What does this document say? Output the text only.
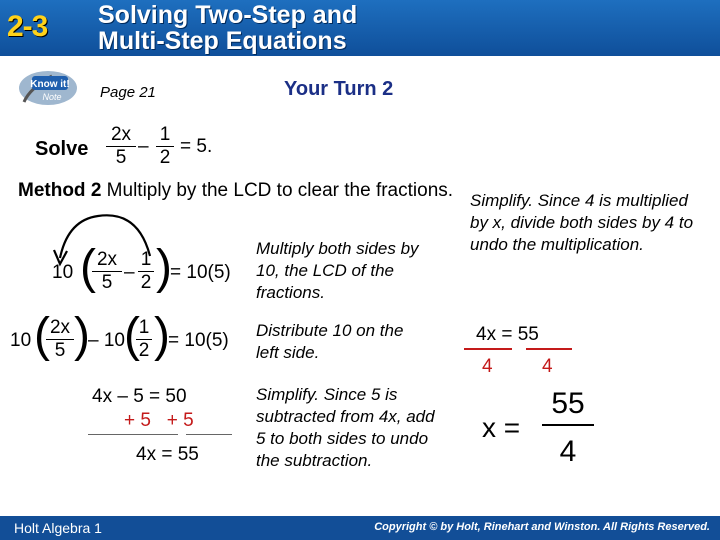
2-3 Solving Two-Step and
Multi-Step Equations
Know it!
Note	Page 21	Your Turn 2
Solve
2x
5
–
1
2
= 5.
Method 2 Multiply by the LCD to clear the fractions.
10 ( 2x
5 –
1
2 )
= 10(5)
10 ( 2x
5 )
– 10 (
1
2 )
= 10(5)
Multiply both sides by 10, the LCD of the fractions.
Distribute 10 on the left side.
4x – 5 = 50
+ 5   + 5
4x = 55
Simplify. Since 5 is subtracted from 4x, add 5 to both sides to undo the subtraction.
Simplify. Since 4 is multiplied by x, divide both sides by 4 to undo the multiplication.
4x = 55
4	4
x =
55
4
Holt Algebra 1	Copyright © by Holt, Rinehart and Winston. All Rights Reserved.
